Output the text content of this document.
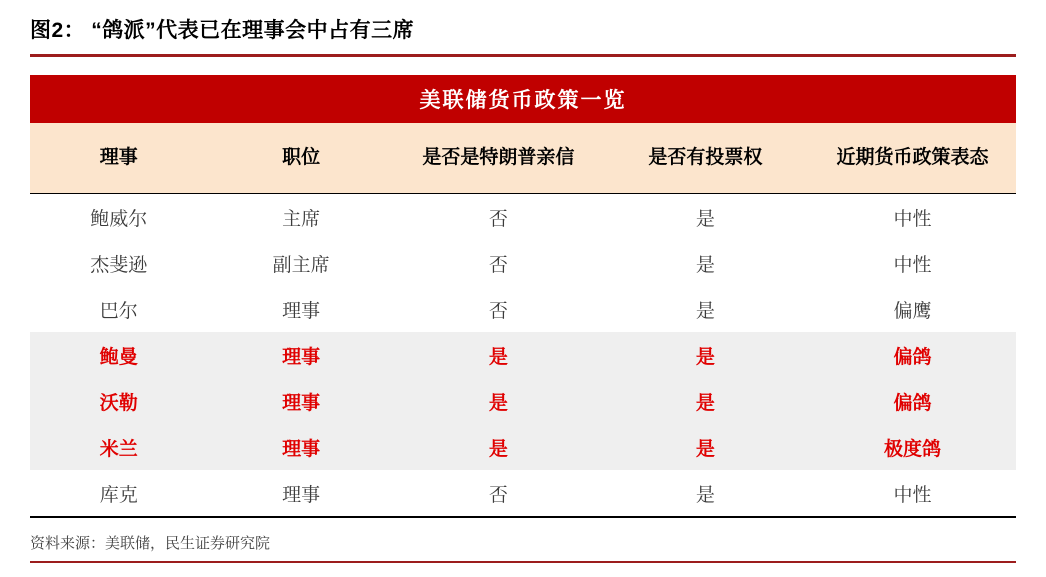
图2： “鸽派”代表已在理事会中占有三席
美联储货币政策一览				
理事	职位	是否是特朗普亲信	是否有投票权	近期货币政策表态
鲍威尔	主席	否	是	中性
杰斐逊	副主席	否	是	中性
巴尔	理事	否	是	偏鹰
鲍曼	理事	是	是	偏鸽
沃勒	理事	是	是	偏鸽
米兰	理事	是	是	极度鸽
库克	理事	否	是	中性
资料来源：美联储，民生证券研究院
